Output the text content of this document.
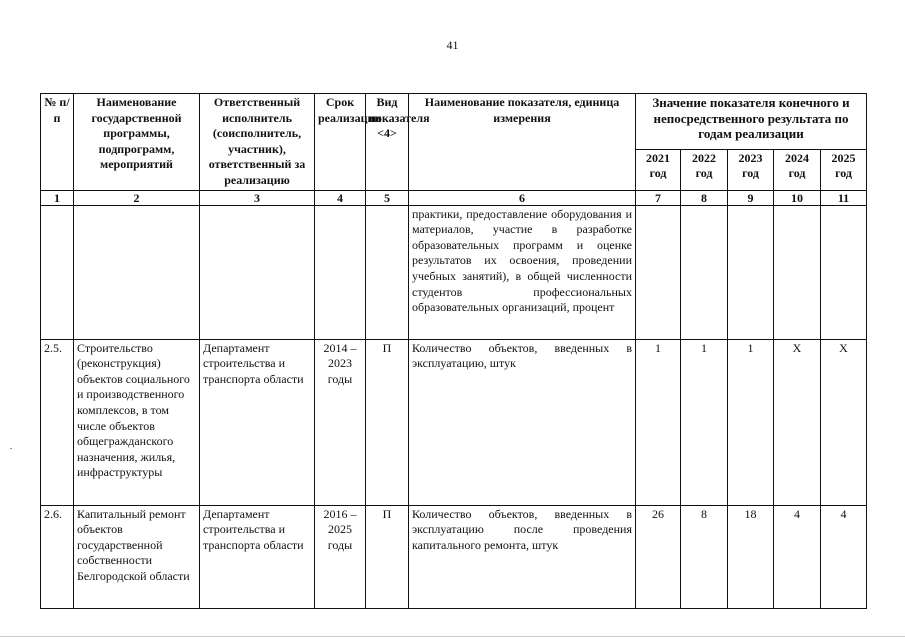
41
№ п/п	Наименование государственной программы, подпрограмм, мероприятий	Ответственный исполнитель (соисполнитель, участник), ответственный за реализацию	Срок реализации	Вид показателя <4>	Наименование показателя, единица измерения	Значение показателя конечного и непосредственного результата по годам реализации				
						2021 год	2022 год	2023 год	2024 год	2025 год
1	2	3	4	5	6	7	8	9	10	11
					практики, предоставление оборудования и материалов, участие в разработке образовательных программ и оценке результатов их освоения, проведении учебных занятий), в общей численности студентов профессиональных образовательных организаций, процент					
2.5.	Строительство (реконструкция) объектов социального и производственного комплексов, в том числе объектов общегражданского назначения, жилья, инфраструктуры	Департамент строительства и транспорта области	2014 – 2023 годы	П	Количество объектов, введенных в эксплуатацию, штук	1	1	1	X	X
2.6.	Капитальный ремонт объектов государственной собственности Белгородской области	Департамент строительства и транспорта области	2016 – 2025 годы	П	Количество объектов, введенных в эксплуатацию после проведения капитального ремонта, штук	26	8	18	4	4
